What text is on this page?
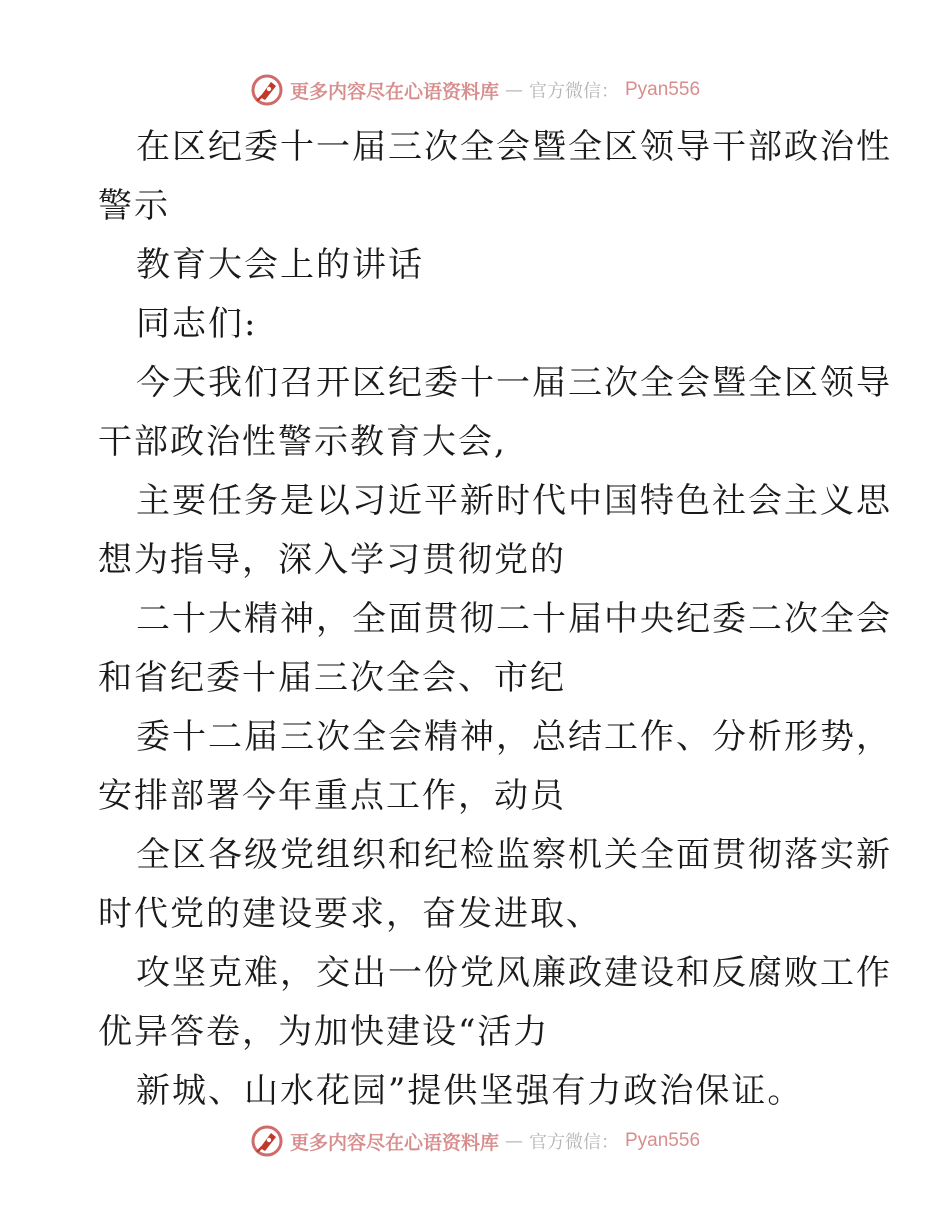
更多内容尽在心语资料库 — 官方微信： Pyan556
在区纪委十一届三次全会暨全区领导干部政治性
警示
教育大会上的讲话
同志们:
今天我们召开区纪委十一届三次全会暨全区领导
干部政治性警示教育大会,
主要任务是以习近平新时代中国特色社会主义思
想为指导，深入学习贯彻党的
二十大精神，全面贯彻二十届中央纪委二次全会
和省纪委十届三次全会、市纪
委十二届三次全会精神，总结工作、分析形势，
安排部署今年重点工作，动员
全区各级党组织和纪检监察机关全面贯彻落实新
时代党的建设要求，奋发进取、
攻坚克难，交出一份党风廉政建设和反腐败工作
优异答卷，为加快建设“活力
新城、山水花园”提供坚强有力政治保证。
更多内容尽在心语资料库 — 官方微信： Pyan556
